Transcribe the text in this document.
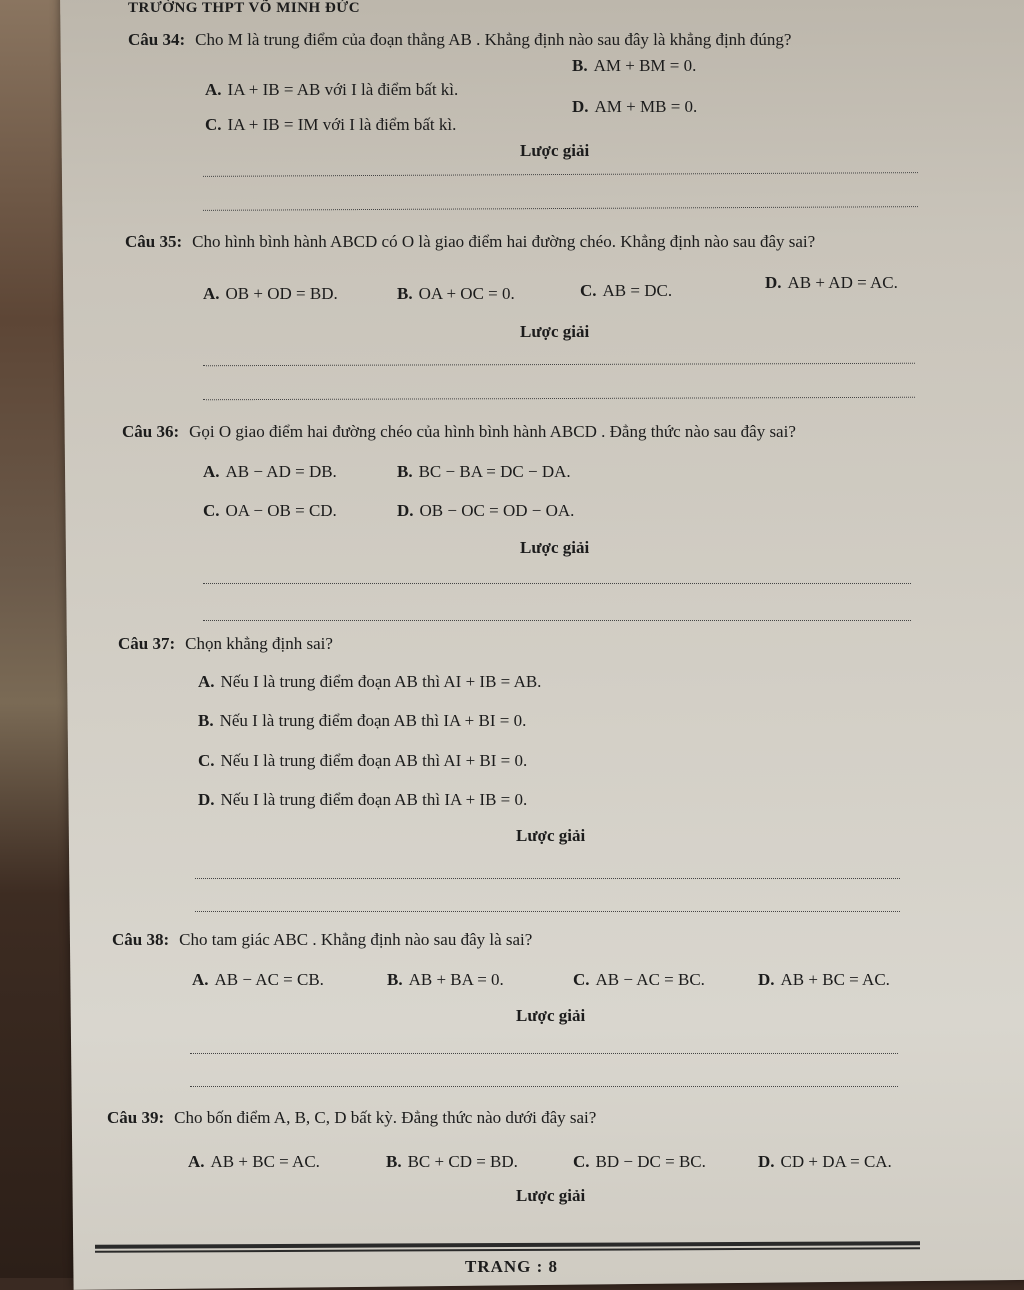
TRƯỜNG THPT VÕ MINH ĐỨC
Câu 34: Cho M là trung điểm của đoạn thẳng AB . Khẳng định nào sau đây là khẳng định đúng?
A. IA + IB = AB với I là điểm bất kì.
B. AM + BM = 0.
C. IA + IB = IM với I là điểm bất kì.
D. AM + MB = 0.
Lược giải
Câu 35: Cho hình bình hành ABCD có O là giao điểm hai đường chéo. Khẳng định nào sau đây sai?
A. OB + OD = BD.	B. OA + OC = 0.	C. AB = DC.	D. AB + AD = AC.
Lược giải
Câu 36: Gọi O giao điểm hai đường chéo của hình bình hành ABCD . Đẳng thức nào sau đây sai?
A. AB − AD = DB.	B. BC − BA = DC − DA.
C. OA − OB = CD.	D. OB − OC = OD − OA.
Lược giải
Câu 37: Chọn khẳng định sai?
A. Nếu I là trung điểm đoạn AB thì AI + IB = AB.
B. Nếu I là trung điểm đoạn AB thì IA + BI = 0.
C. Nếu I là trung điểm đoạn AB thì AI + BI = 0.
D. Nếu I là trung điểm đoạn AB thì IA + IB = 0.
Lược giải
Câu 38: Cho tam giác ABC . Khẳng định nào sau đây là sai?
A. AB − AC = CB.	B. AB + BA = 0.	C. AB − AC = BC.	D. AB + BC = AC.
Lược giải
Câu 39: Cho bốn điểm A, B, C, D bất kỳ. Đẳng thức nào dưới đây sai?
A. AB + BC = AC.	B. BC + CD = BD.	C. BD − DC = BC.	D. CD + DA = CA.
Lược giải
TRANG : 8
